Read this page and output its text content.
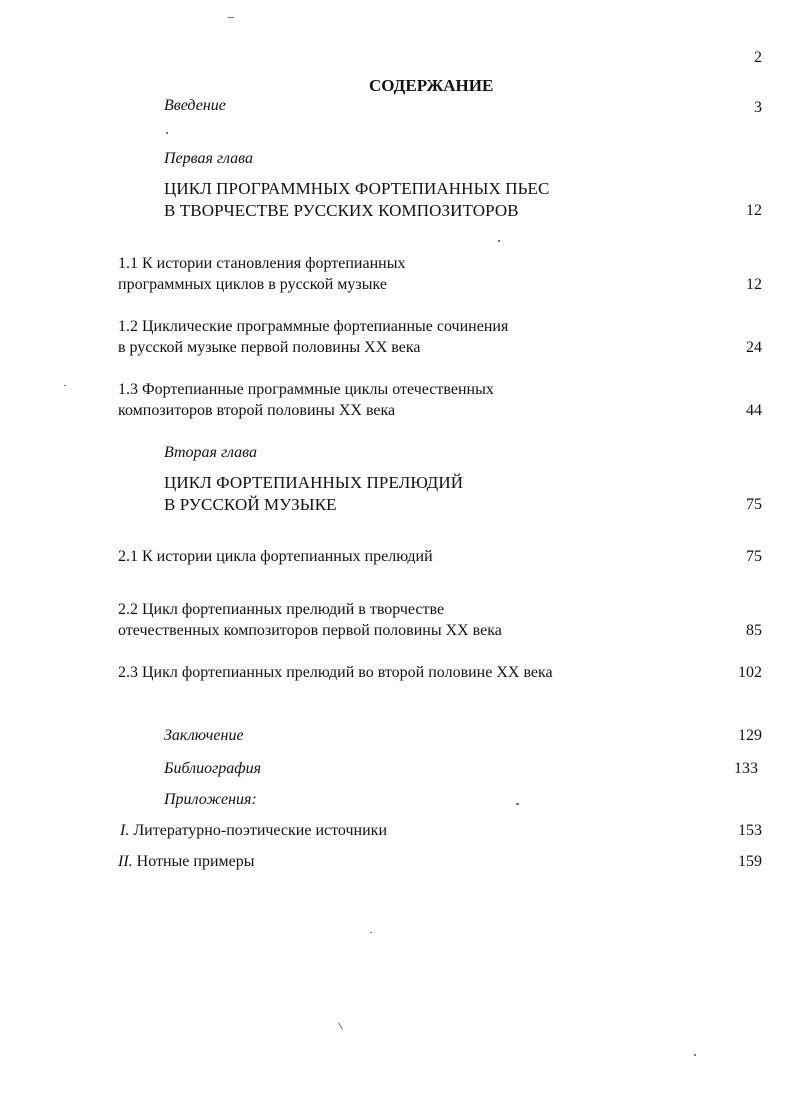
2
СОДЕРЖАНИЕ
Введение	3
Первая глава
ЦИКЛ ПРОГРАММНЫХ ФОРТЕПИАННЫХ ПЬЕС
В ТВОРЧЕСТВЕ РУССКИХ КОМПОЗИТОРОВ	12
1.1 К истории становления фортепианных
программных циклов в русской музыке	12
1.2 Циклические программные фортепианные сочинения
в русской музыке первой половины XX века	24
1.3 Фортепианные программные циклы отечественных
композиторов второй половины XX века	44
Вторая глава
ЦИКЛ ФОРТЕПИАННЫХ ПРЕЛЮДИЙ
В РУССКОЙ МУЗЫКЕ	75
2.1 К истории цикла фортепианных прелюдий	75
2.2 Цикл фортепианных прелюдий в творчестве
отечественных композиторов первой половины XX века	85
2.3 Цикл фортепианных прелюдий во второй половине XX века	102
Заключение	129
Библиография	133
Приложения:
I. Литературно-поэтические источники	153
II. Нотные примеры	159
